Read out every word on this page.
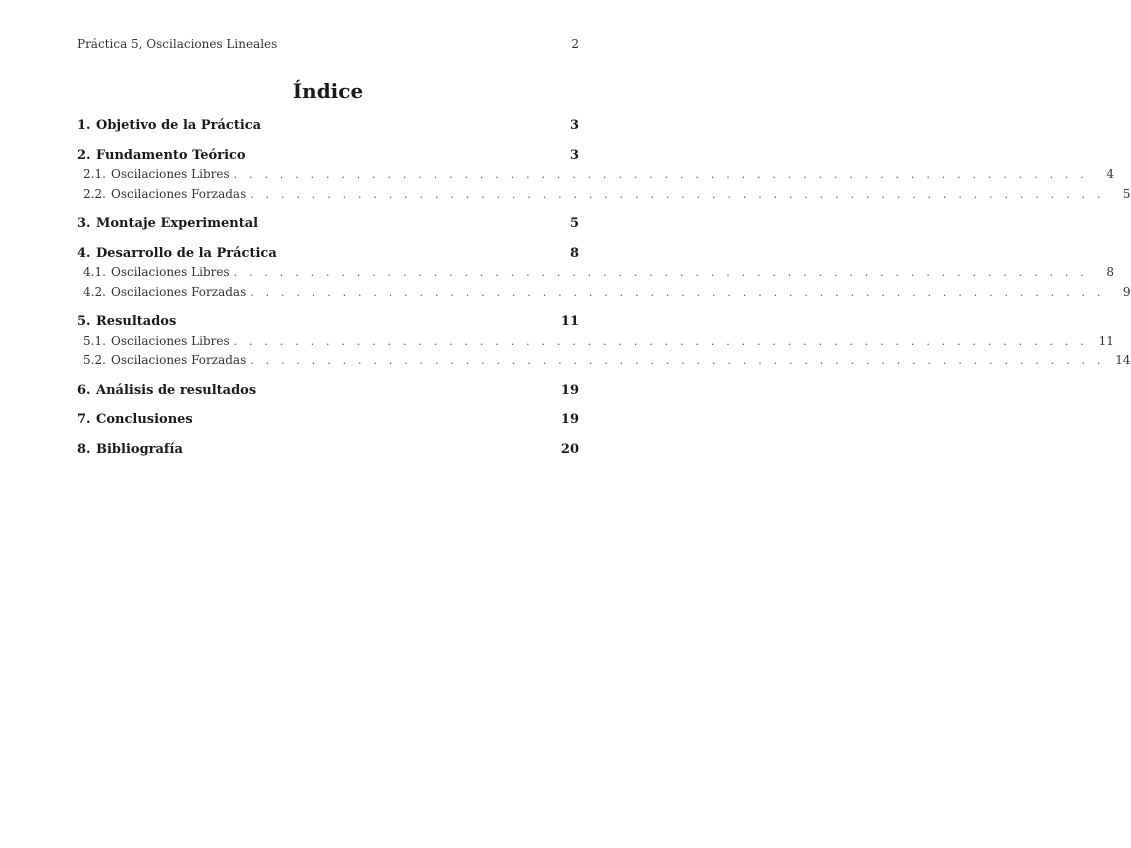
Práctica 5, Oscilaciones Lineales	2
Índice
1. Objetivo de la Práctica	3
2. Fundamento Teórico	3
2.1. Oscilaciones Libres . . . . . . . . . . . . . . . . . . . . . . . . . . . . . . . . . . . . . . . . . . . . . . . . . . . . . . . .	4
2.2. Oscilaciones Forzadas . . . . . . . . . . . . . . . . . . . . . . . . . . . . . . . . . . . . . . . . . . . . . . . . . . . . . . . .	5
3. Montaje Experimental	5
4. Desarrollo de la Práctica	8
4.1. Oscilaciones Libres . . . . . . . . . . . . . . . . . . . . . . . . . . . . . . . . . . . . . . . . . . . . . . . . . . . . . . . .	8
4.2. Oscilaciones Forzadas . . . . . . . . . . . . . . . . . . . . . . . . . . . . . . . . . . . . . . . . . . . . . . . . . . . . . . . .	9
5. Resultados	11
5.1. Oscilaciones Libres . . . . . . . . . . . . . . . . . . . . . . . . . . . . . . . . . . . . . . . . . . . . . . . . . . . . . . . . 11
5.2. Oscilaciones Forzadas . . . . . . . . . . . . . . . . . . . . . . . . . . . . . . . . . . . . . . . . . . . . . . . . . . . . . . . . 14
6. Análisis de resultados	19
7. Conclusiones	19
8. Bibliografía	20
